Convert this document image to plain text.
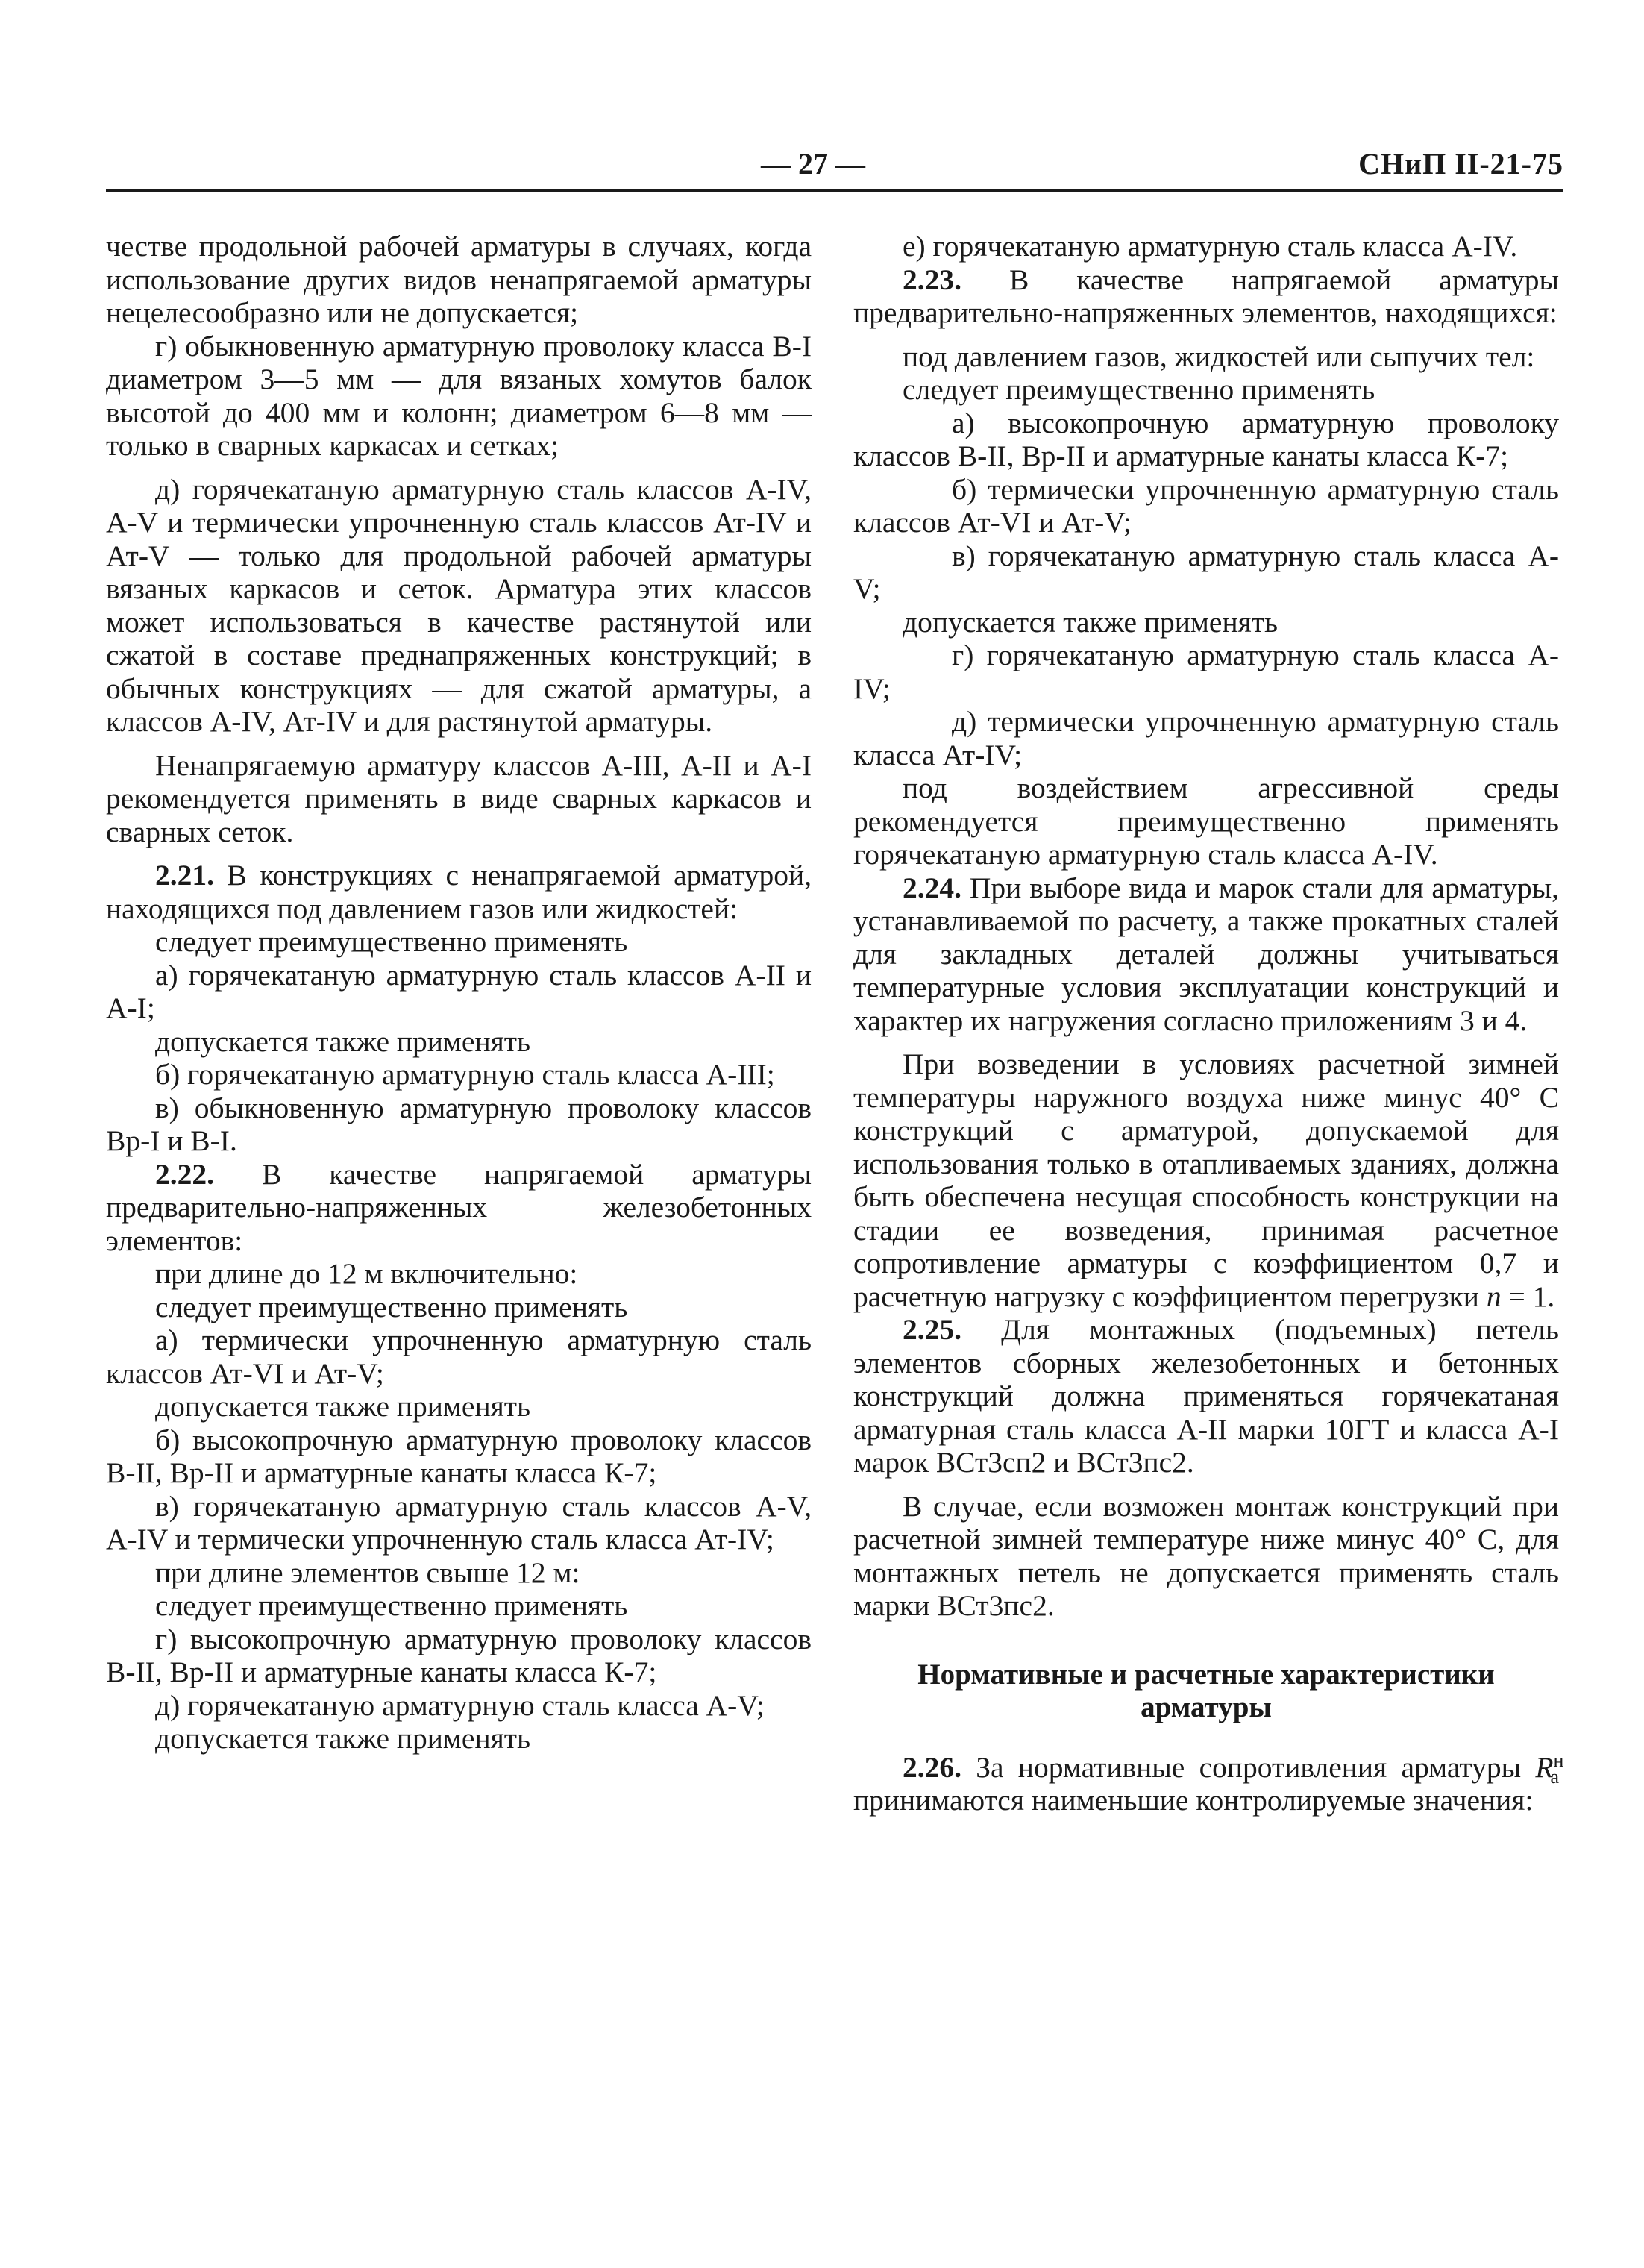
— 27 —	СНиП II-21-75

честве продольной рабочей арматуры в случаях, когда использование других видов ненапрягаемой арматуры нецелесообразно или не допускается;

г) обыкновенную арматурную проволоку класса В-I диаметром 3—5 мм — для вязаных хомутов балок высотой до 400 мм и колонн; диаметром 6—8 мм — только в сварных каркасах и сетках;

д) горячекатаную арматурную сталь классов А-IV, А-V и термически упрочненную сталь классов Ат-IV и Ат-V — только для продольной рабочей арматуры вязаных каркасов и сеток. Арматура этих классов может использоваться в качестве растянутой или сжатой в составе преднапряженных конструкций; в обычных конструкциях — для сжатой арматуры, а классов А-IV, Ат-IV и для растянутой арматуры.

Ненапрягаемую арматуру классов А-III, А-II и А-I рекомендуется применять в виде сварных каркасов и сварных сеток.

2.21. В конструкциях с ненапрягаемой арматурой, находящихся под давлением газов или жидкостей:

следует преимущественно применять

а) горячекатаную арматурную сталь классов А-II и А-I;

допускается также применять

б) горячекатаную арматурную сталь класса А-III;

в) обыкновенную арматурную проволоку классов Вр-I и В-I.

2.22. В качестве напрягаемой арматуры предварительно-напряженных железобетонных элементов:

при длине до 12 м включительно:

следует преимущественно применять

а) термически упрочненную арматурную сталь классов Ат-VI и Ат-V;

допускается также применять

б) высокопрочную арматурную проволоку классов В-II, Вр-II и арматурные канаты класса К-7;

в) горячекатаную арматурную сталь классов А-V, А-IV и термически упрочненную сталь класса Ат-IV;

при длине элементов свыше 12 м:

следует преимущественно применять

г) высокопрочную арматурную проволоку классов В-II, Вр-II и арматурные канаты класса К-7;

д) горячекатаную арматурную сталь класса А-V;

допускается также применять

е) горячекатаную арматурную сталь класса А-IV.

2.23. В качестве напрягаемой арматуры предварительно-напряженных элементов, находящихся:

под давлением газов, жидкостей или сыпучих тел:

следует преимущественно применять

а) высокопрочную арматурную проволоку классов В-II, Вр-II и арматурные канаты класса К-7;

б) термически упрочненную арматурную сталь классов Ат-VI и Ат-V;

в) горячекатаную арматурную сталь класса А-V;

допускается также применять

г) горячекатаную арматурную сталь класса А-IV;

д) термически упрочненную арматурную сталь класса Ат-IV;

под воздействием агрессивной среды рекомендуется преимущественно применять горячекатаную арматурную сталь класса А-IV.

2.24. При выборе вида и марок стали для арматуры, устанавливаемой по расчету, а также прокатных сталей для закладных деталей должны учитываться температурные условия эксплуатации конструкций и характер их нагружения согласно приложениям 3 и 4.

При возведении в условиях расчетной зимней температуры наружного воздуха ниже минус 40° С конструкций с арматурой, допускаемой для использования только в отапливаемых зданиях, должна быть обеспечена несущая способность конструкции на стадии ее возведения, принимая расчетное сопротивление арматуры с коэффициентом 0,7 и расчетную нагрузку с коэффициентом перегрузки n = 1.

2.25. Для монтажных (подъемных) петель элементов сборных железобетонных и бетонных конструкций должна применяться горячекатаная арматурная сталь класса А-II марки 10ГТ и класса А-I марок ВСт3сп2 и ВСт3пс2.

В случае, если возможен монтаж конструкций при расчетной зимней температуре ниже минус 40° С, для монтажных петель не допускается применять сталь марки ВСт3пс2.

Нормативные и расчетные характеристики арматуры

2.26. За нормативные сопротивления арматуры $R^н_а$ принимаются наименьшие контролируемые значения:
